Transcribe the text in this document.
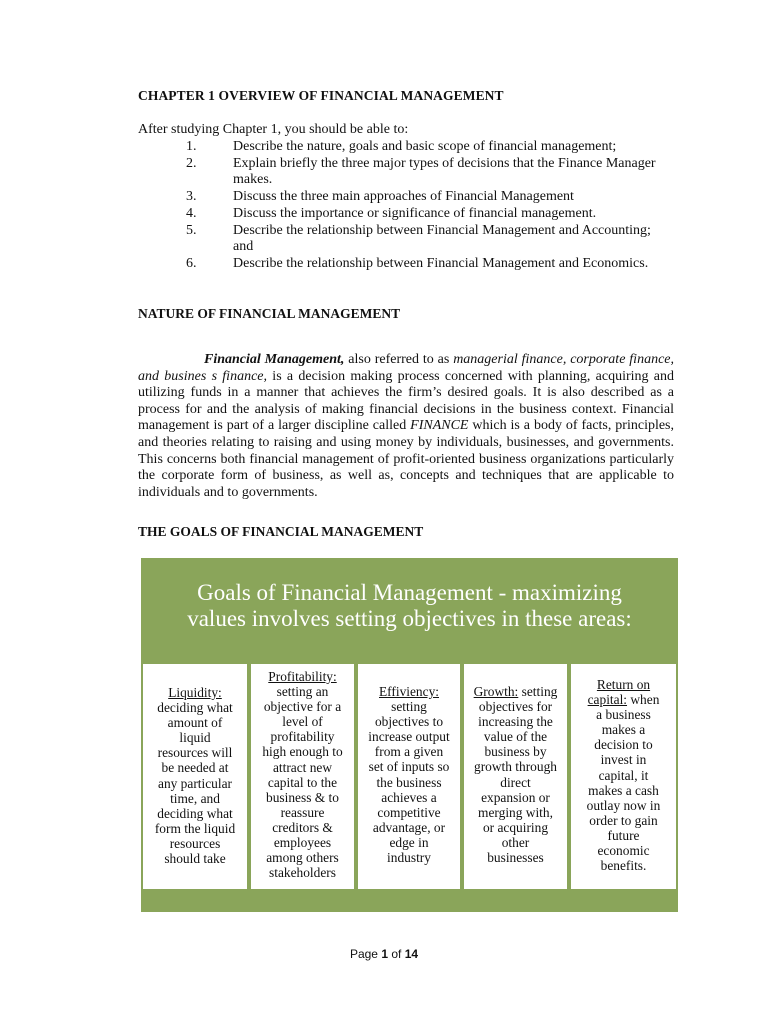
CHAPTER 1 OVERVIEW OF FINANCIAL MANAGEMENT
After studying Chapter 1, you should be able to:
1.	Describe the nature, goals and basic scope of financial management;
2.	Explain briefly the three major types of decisions that the Finance Manager makes.
3.	Discuss the three main approaches of Financial Management
4.	Discuss the importance or significance of financial management.
5.	Describe the relationship between Financial Management and Accounting; and
6.	Describe the relationship between Financial Management and Economics.
NATURE OF FINANCIAL MANAGEMENT

Financial Management, also referred to as managerial finance, corporate finance, and busines s finance, is a decision making process concerned with planning, acquiring and utilizing funds in a manner that achieves the firm’s desired goals. It is also described as a process for and the analysis of making financial decisions in the business context. Financial management is part of a larger discipline called FINANCE which is a body of facts, principles, and theories relating to raising and using money by individuals, businesses, and governments. This concerns both financial management of profit-oriented business organizations particularly the corporate form of business, as well as, concepts and techniques that are applicable to individuals and to governments.

THE GOALS OF FINANCIAL MANAGEMENT
Goals of Financial Management - maximizing
values involves setting objectives in these areas:
Liquidity:
deciding what
amount of
liquid
resources will
be needed at
any particular
time, and
deciding what
form the liquid
resources
should take
Profitability:
setting an
objective for a
level of
profitability
high enough to
attract new
capital to the
business & to
reassure
creditors &
employees
among others
stakeholders
Effiviency:
setting
objectives to
increase output
from a given
set of inputs so
the business
achieves a
competitive
advantage, or
edge in
industry
Growth: setting
objectives for
increasing the
value of the
business by
growth through
direct
expansion or
merging with,
or acquiring
other
businesses
Return on
capital: when
a business
makes a
decision to
invest in
capital, it
makes a cash
outlay now in
order to gain
future
economic
benefits.
Page 1 of 14
